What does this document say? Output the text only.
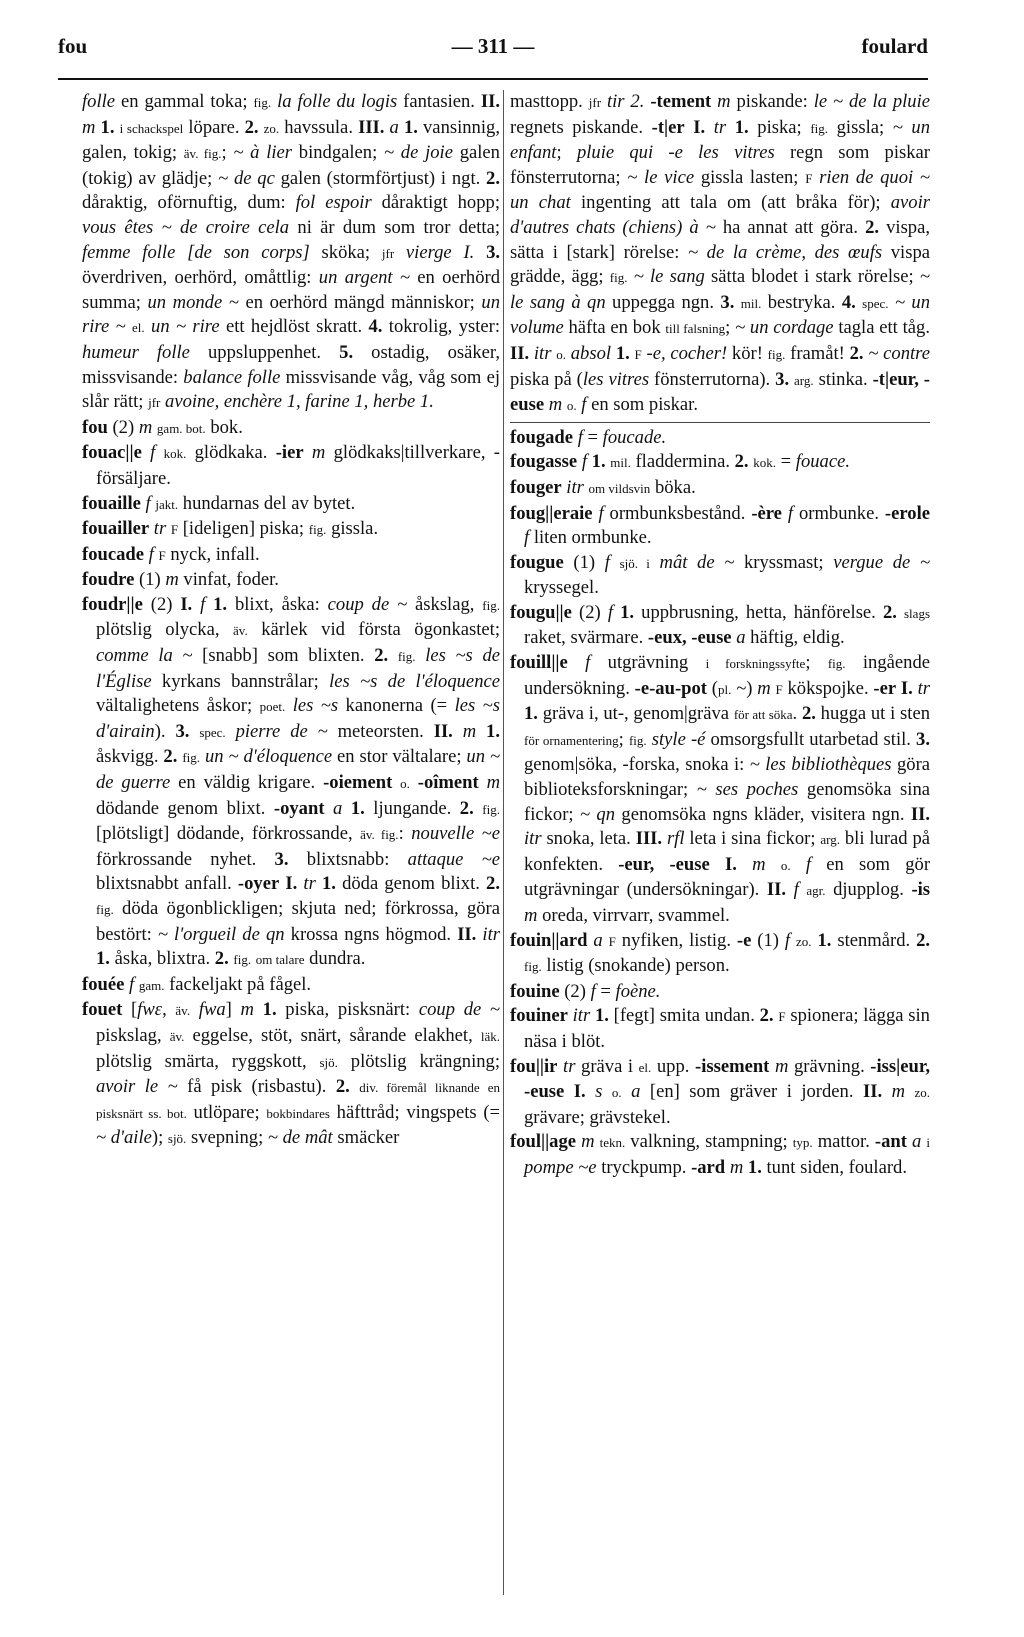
fou	— 311 —	foulard

folle en gammal toka; fig. la folle du logis fantasien. II. m 1. i schackspel löpare. 2. zo. havssula. III. a 1. vansinnig, galen, tokig; äv. fig.; ~ à lier bindgalen; ~ de joie galen (tokig) av glädje; ~ de qc galen (stormförtjust) i ngt. 2. dåraktig, oförnuftig, dum: fol espoir dåraktigt hopp; vous êtes ~ de croire cela ni är dum som tror detta; femme folle [de son corps] sköka; jfr vierge I. 3. överdriven, oerhörd, omåttlig: un argent ~ en oerhörd summa; un monde ~ en oerhörd mängd människor; un rire ~ el. un ~ rire ett hejdlöst skratt. 4. tokrolig, yster: humeur folle uppsluppenhet. 5. ostadig, osäker, missvisande: balance folle missvisande våg, våg som ej slår rätt; jfr avoine, enchère 1, farine 1, herbe 1.

fou (2) m gam. bot. bok.

fouac||e f kok. glödkaka. -ier m glödkaks|tillverkare, -försäljare.

fouaille f jakt. hundarnas del av bytet.

fouailler tr F [ideligen] piska; fig. gissla.

foucade f F nyck, infall.

foudre (1) m vinfat, foder.

foudr||e (2) I. f 1. blixt, åska: coup de ~ åskslag, fig. plötslig olycka, äv. kärlek vid första ögonkastet; comme la ~ [snabb] som blixten. 2. fig. les ~s de l'Église kyrkans bannstrålar; les ~s de l'éloquence vältalighetens åskor; poet. les ~s kanonerna (= les ~s d'airain). 3. spec. pierre de ~ meteorsten. II. m 1. åskvigg. 2. fig. un ~ d'éloquence en stor vältalare; un ~ de guerre en väldig krigare. -oiement o. -oîment m dödande genom blixt. -oyant a 1. ljungande. 2. fig. [plötsligt] dödande, förkrossande, äv. fig.: nouvelle ~e förkrossande nyhet. 3. blixtsnabb: attaque ~e blixtsnabbt anfall. -oyer I. tr 1. döda genom blixt. 2. fig. döda ögonblickligen; skjuta ned; förkrossa, göra bestört: ~ l'orgueil de qn krossa ngns högmod. II. itr 1. åska, blixtra. 2. fig. om talare dundra.

fouée f gam. fackeljakt på fågel.

fouet [fwɛ, äv. fwa] m 1. piska, pisksnärt: coup de ~ piskslag, äv. eggelse, stöt, snärt, sårande elakhet, läk. plötslig smärta, ryggskott, sjö. plötslig krängning; avoir le ~ få pisk (risbastu). 2. div. föremål liknande en pisksnärt ss. bot. utlöpare; bokbindares häfttråd; vingspets (= ~ d'aile); sjö. svepning; ~ de mât smäcker

masttopp. jfr tir 2. -tement m piskande: le ~ de la pluie regnets piskande. -t|er I. tr 1. piska; fig. gissla; ~ un enfant; pluie qui -e les vitres regn som piskar fönsterrutorna; ~ le vice gissla lasten; F rien de quoi ~ un chat ingenting att tala om (att bråka för); avoir d'autres chats (chiens) à ~ ha annat att göra. 2. vispa, sätta i [stark] rörelse: ~ de la crème, des œufs vispa grädde, ägg; fig. ~ le sang sätta blodet i stark rörelse; ~ le sang à qn uppegga ngn. 3. mil. bestryka. 4. spec. ~ un volume häfta en bok till falsning; ~ un cordage tagla ett tåg. II. itr o. absol 1. F -e, cocher! kör! fig. framåt! 2. ~ contre piska på (les vitres fönsterrutorna). 3. arg. stinka. -t|eur, -euse m o. f en som piskar.

fougade f = foucade.

fougasse f 1. mil. fladdermina. 2. kok. = fouace.

fouger itr om vildsvin böka.

foug||eraie f ormbunksbestånd. -ère f ormbunke. -erole f liten ormbunke.

fougue (1) f sjö. i mât de ~ kryssmast; vergue de ~ kryssegel.

fougu||e (2) f 1. uppbrusning, hetta, hänförelse. 2. slags raket, svärmare. -eux, -euse a häftig, eldig.

fouill||e f utgrävning i forskningssyfte; fig. ingående undersökning. -e-au-pot (pl. ~) m F kökspojke. -er I. tr 1. gräva i, ut-, genom|gräva för att söka. 2. hugga ut i sten för ornamentering; fig. style -é omsorgsfullt utarbetad stil. 3. genom|söka, -forska, snoka i: ~ les bibliothèques göra biblioteksforskningar; ~ ses poches genomsöka sina fickor; ~ qn genomsöka ngns kläder, visitera ngn. II. itr snoka, leta. III. rfl leta i sina fickor; arg. bli lurad på konfekten. -eur, -euse I. m o. f en som gör utgrävningar (undersökningar). II. f agr. djupplog. -is m oreda, virrvarr, svammel.

fouin||ard a F nyfiken, listig. -e (1) f zo. 1. stenmård. 2. fig. listig (snokande) person.

fouine (2) f = foène.

fouiner itr 1. [fegt] smita undan. 2. F spionera; lägga sin näsa i blöt.

fou||ir tr gräva i el. upp. -issement m grävning. -iss|eur, -euse I. s o. a [en] som gräver i jorden. II. m zo. grävare; grävstekel.

foul||age m tekn. valkning, stampning; typ. mattor. -ant a i pompe ~e tryckpump. -ard m 1. tunt siden, foulard.
